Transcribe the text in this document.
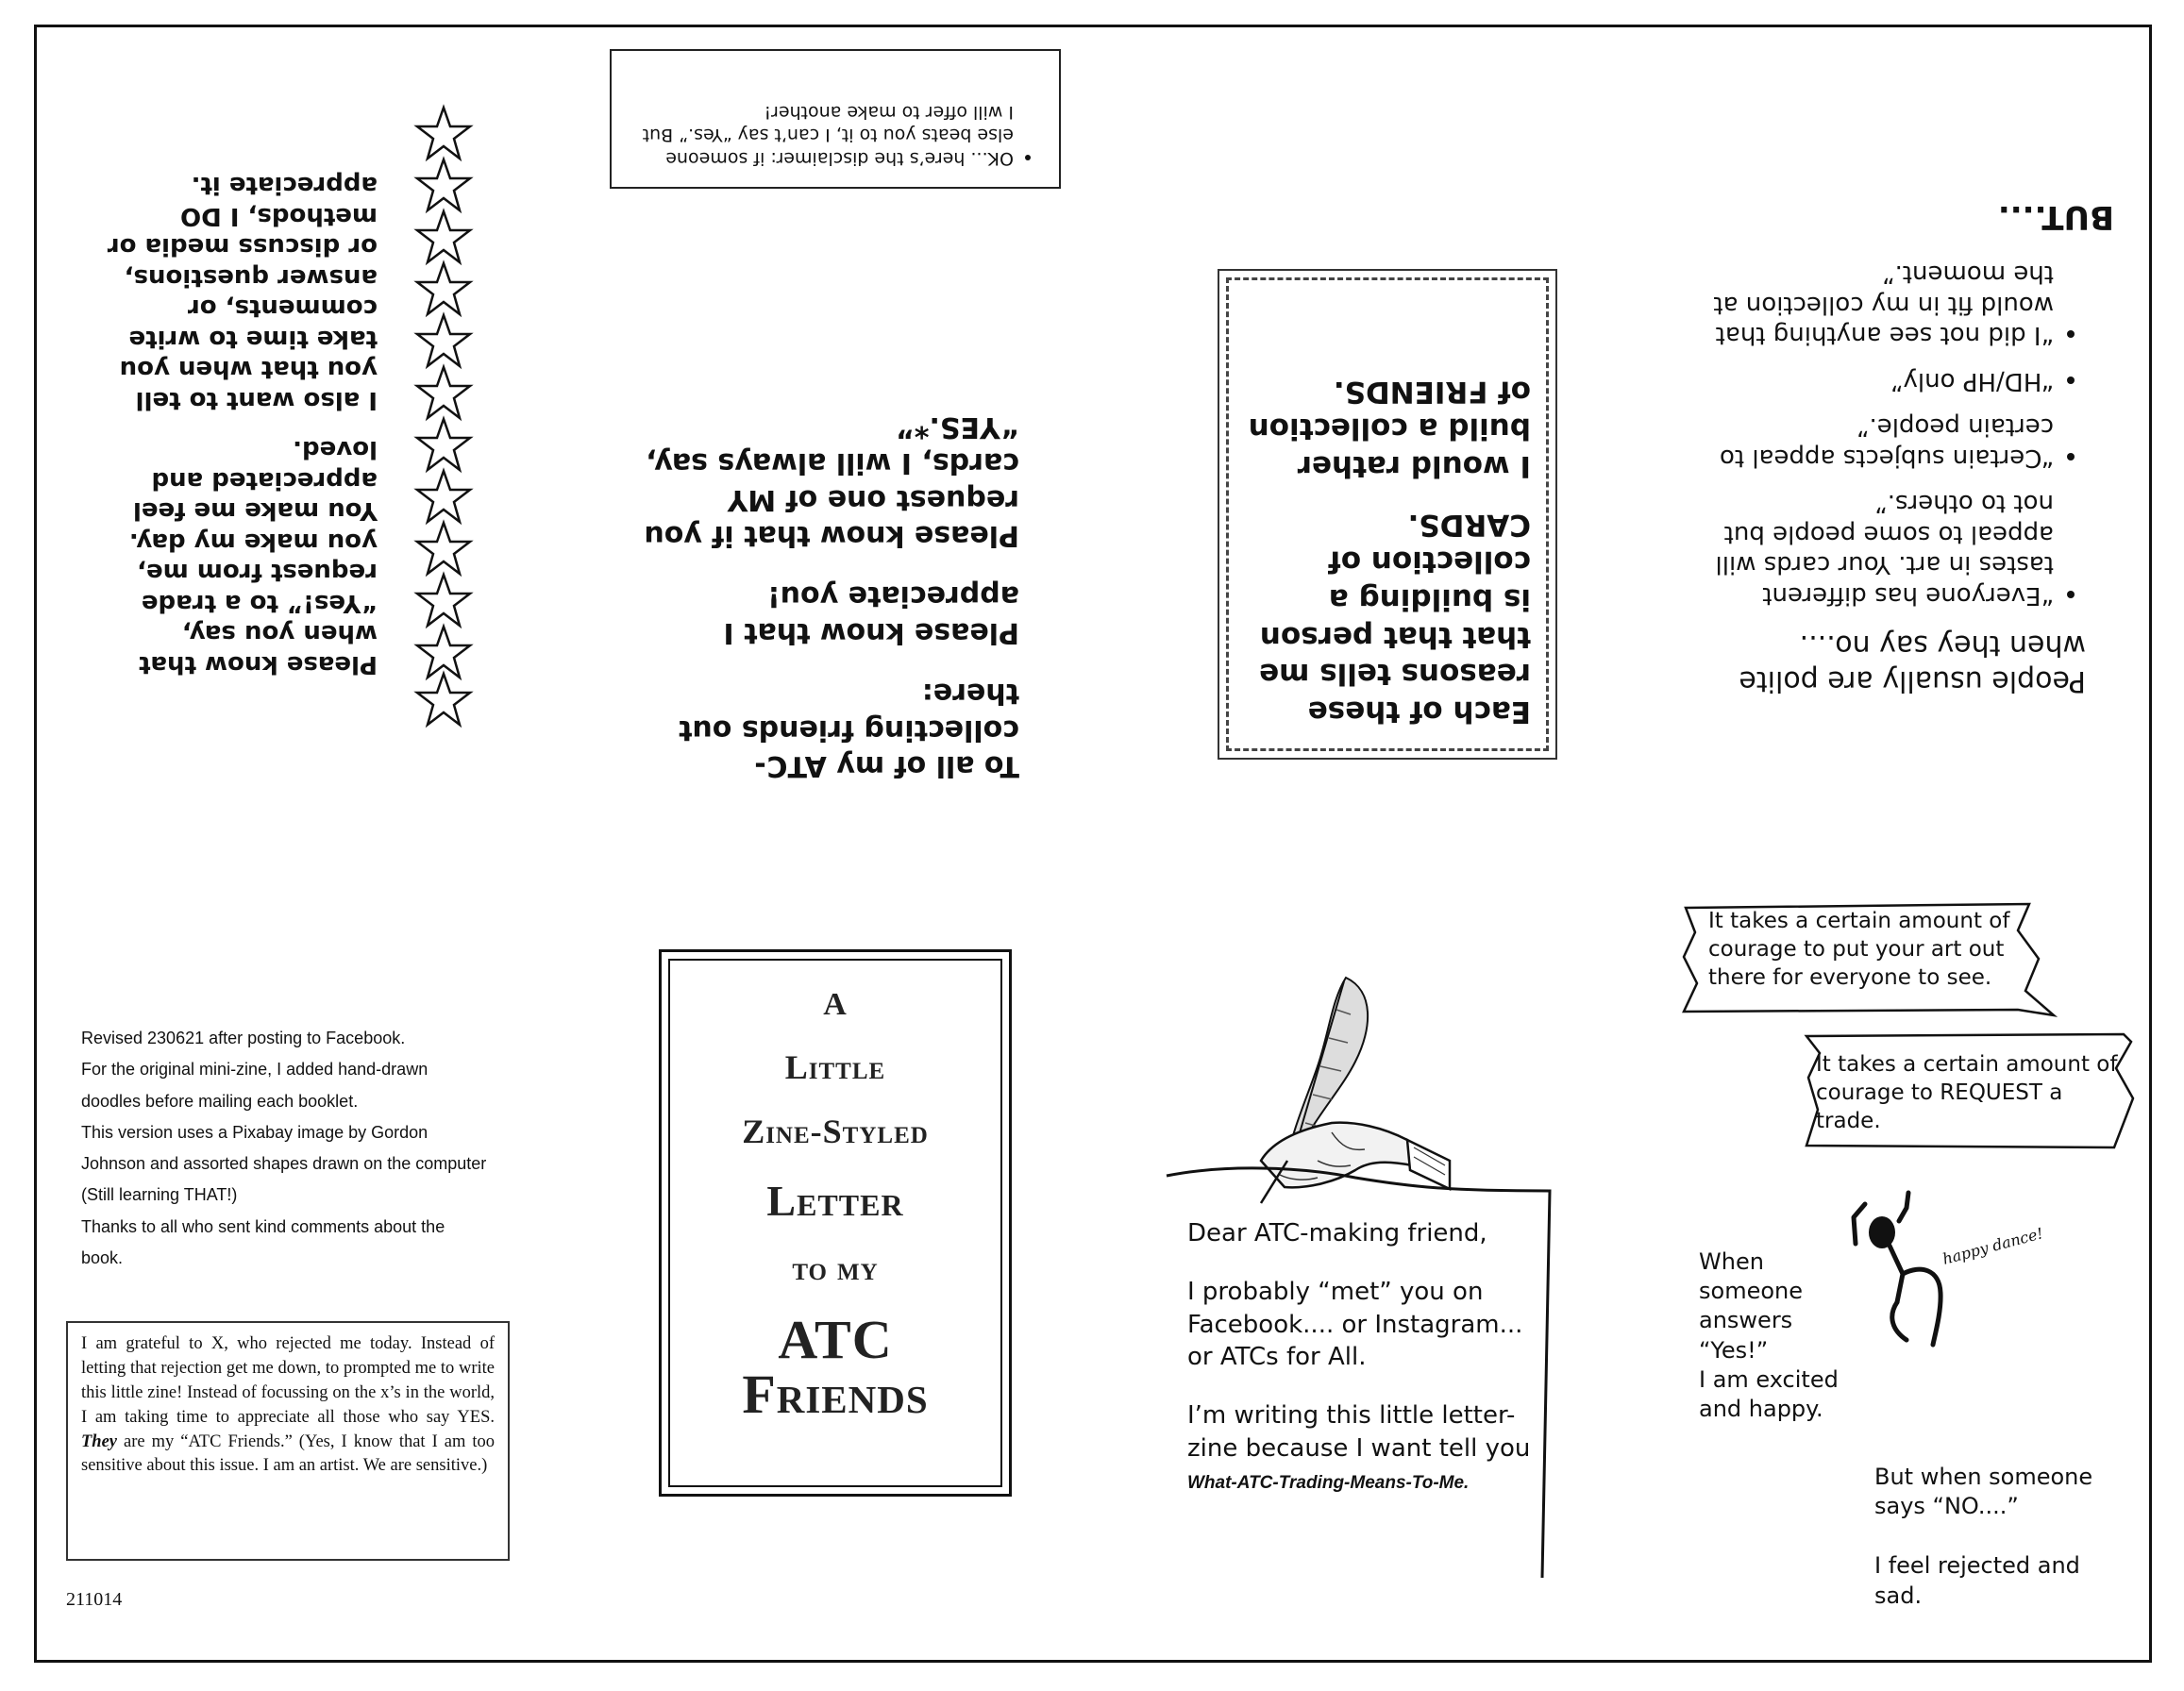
BUT....
People usually are polite when they say no....
• “Everyone has different tastes in art. Your cards will appeal to some people but not to others.”
• “Certain subjects appeal to certain people.”
• “HD/HP only”
• “I did not see anything that would fit in my collection at the moment.”

Each of these reasons tells me that that person is building a collection of CARDS.

I would rather build a collection of FRIENDS.

To all of my ATC-collecting friends out there:

Please know that I appreciate you!

Please know that if you request one of MY cards, I will always say, “YES.*”

• OK... here’s the disclaimer: if someone else beats you to it, I can’t say “Yes.” But I will offer to make another!

Please know that when you say, “Yes!” to a trade request from me, you make my day. You make me feel appreciated and loved.

I also want to tell you that when you take time to write comments, or answer questions, or discuss media or methods, I DO appreciate it.

Revised 230621 after posting to Facebook.
For the original mini-zine, I added hand-drawn
doodles before mailing each booklet.
This version uses a Pixabay image by Gordon
Johnson and assorted shapes drawn on the computer
(Still learning THAT!)
Thanks to all who sent kind comments about the
book.
I am grateful to X, who rejected me today. Instead of letting that rejection get me down, to prompted me to write this little zine! Instead of focussing on the x’s in the world, I am taking time to appreciate all those who say YES. They are my “ATC Friends.” (Yes, I know that I am too sensitive about this issue. I am an artist. We are sensitive.)
211014
A
Little
Zine-Styled
Letter
to my
ATC
Friends

Dear ATC-making friend,

I probably “met” you on Facebook.... or Instagram... or ATCs for All.

I’m writing this little letter-zine because I want tell you
What-ATC-Trading-Means-To-Me.

It takes a certain amount of courage to put your art out there for everyone to see.
It takes a certain amount of courage to REQUEST a trade.
When
someone
answers
“Yes!”
I am excited
and happy.
happy dance!

But when someone says “NO....”

I feel rejected and sad.
